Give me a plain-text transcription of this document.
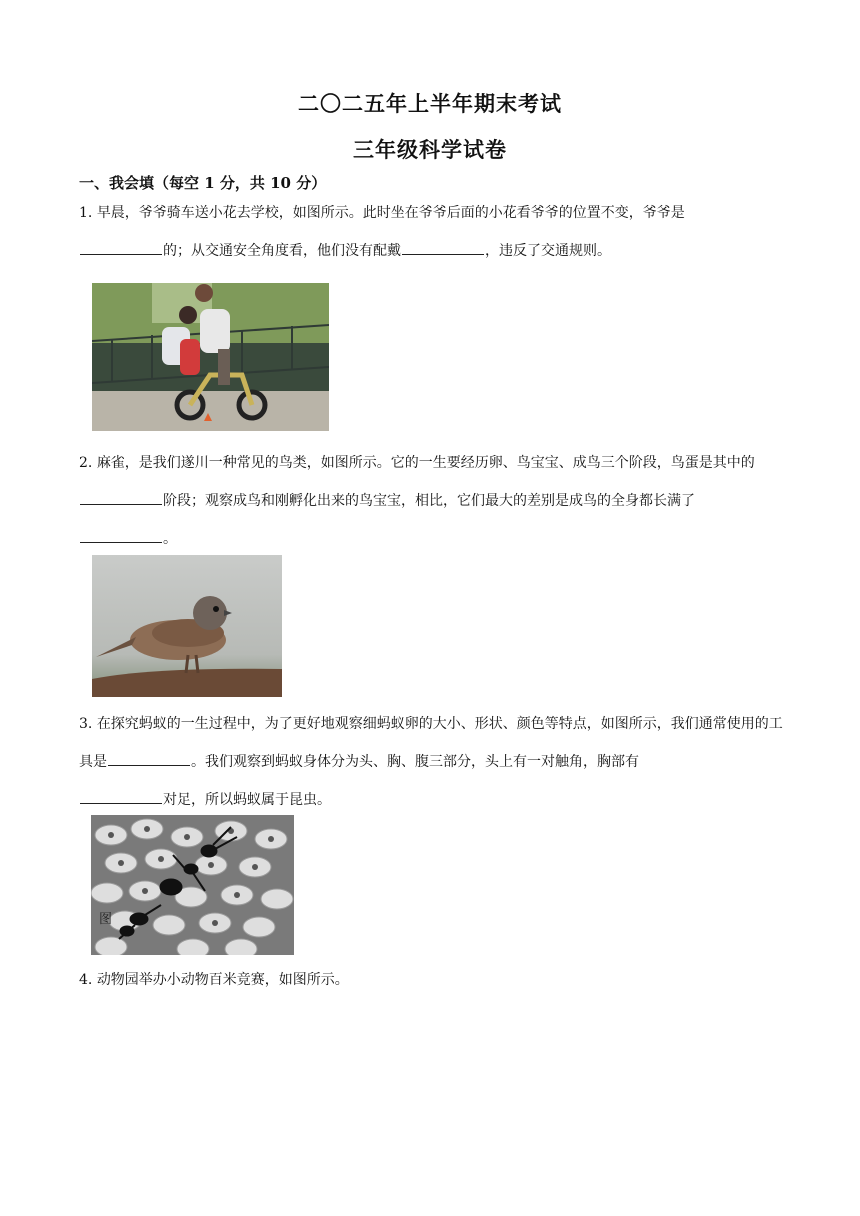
二〇二五年上半年期末考试
三年级科学试卷
一、我会填（每空 1 分，共 10 分）
1. 早晨，爷爷骑车送小花去学校，如图所示。此时坐在爷爷后面的小花看爷爷的位置不变，爷爷是
的；从交通安全角度看，他们没有配戴	，违反了交通规则。
2. 麻雀，是我们遂川一种常见的鸟类，如图所示。它的一生要经历卵、鸟宝宝、成鸟三个阶段，鸟蛋是其中的阶段；观察成鸟和刚孵化出来的鸟宝宝，相比，它们最大的差别是成鸟的全身都长满了
。
3. 在探究蚂蚁的一生过程中，为了更好地观察细蚂蚁卵的大小、形状、颜色等特点，如图所示，我们通常使用的工具是	。我们观察到蚂蚁身体分为头、胸、腹三部分，头上有一对触角，胸部有
对足，所以蚂蚁属于昆虫。
图
4. 动物园举办小动物百米竞赛，如图所示。
